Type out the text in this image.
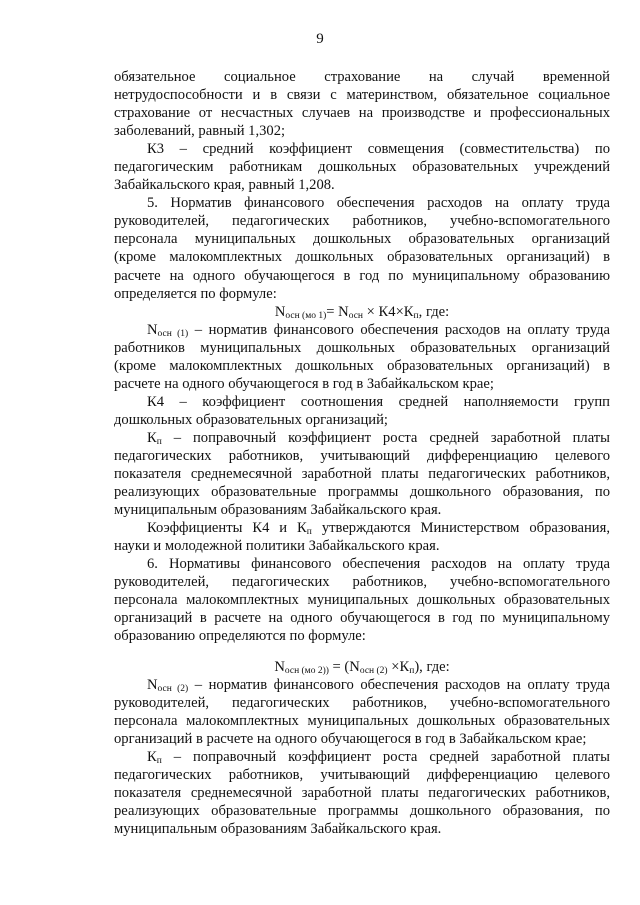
9

обязательное социальное страхование на случай временной

нетрудоспособности и в связи с материнством, обязательное социальное

страхование от несчастных случаев на производстве и профессиональных

заболеваний, равный 1,302;

К3 – средний коэффициент совмещения (совместительства) по

педагогическим работникам дошкольных образовательных учреждений

Забайкальского края, равный 1,208.

5. Норматив финансового обеспечения расходов на оплату труда

руководителей, педагогических работников, учебно-вспомогательного

персонала муниципальных дошкольных образовательных организаций

(кроме малокомплектных дошкольных образовательных организаций) в

расчете на одного обучающегося в год по муниципальному образованию

определяется по формуле:

$N_{осн (мо 1)}= N_{осн} \times К4\times К_п$, где:

$N_{осн (1)}$ – норматив финансового обеспечения расходов на оплату труда

работников муниципальных дошкольных образовательных организаций

(кроме малокомплектных дошкольных образовательных организаций) в

расчете на одного обучающегося в год в Забайкальском крае;

К4 – коэффициент соотношения средней наполняемости групп

дошкольных образовательных организаций;

$К_п$ – поправочный коэффициент роста средней заработной платы

педагогических работников, учитывающий дифференциацию целевого

показателя среднемесячной заработной платы педагогических работников,

реализующих образовательные программы дошкольного образования, по

муниципальным образованиям Забайкальского края.

Коэффициенты К4 и $К_п$ утверждаются Министерством образования,

науки и молодежной политики Забайкальского края.

6. Нормативы финансового обеспечения расходов на оплату труда

руководителей, педагогических работников, учебно-вспомогательного

персонала малокомплектных муниципальных дошкольных образовательных

организаций в расчете на одного обучающегося в год по муниципальному

образованию определяются по формуле:

$N_{осн (мо 2))} = (N_{осн (2)} \times К_п)$, где:

$N_{осн (2)}$ – норматив финансового обеспечения расходов на оплату труда

руководителей, педагогических работников, учебно-вспомогательного

персонала малокомплектных муниципальных дошкольных образовательных

организаций в расчете на одного обучающегося в год в Забайкальском крае;

$К_п$ – поправочный коэффициент роста средней заработной платы

педагогических работников, учитывающий дифференциацию целевого

показателя среднемесячной заработной платы педагогических работников,

реализующих образовательные программы дошкольного образования, по

муниципальным образованиям Забайкальского края.
